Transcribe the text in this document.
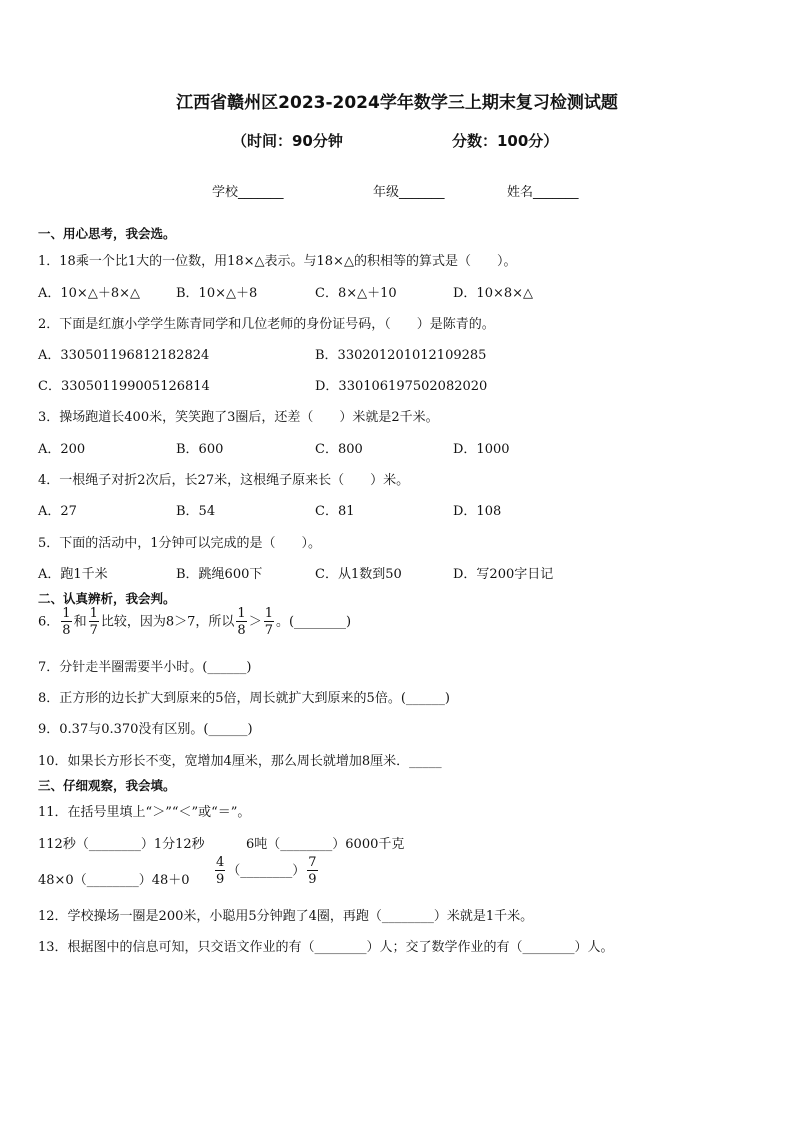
江西省赣州区2023-2024学年数学三上期末复习检测试题
（时间：90分钟	分数：100分）
学校_______	年级_______	姓名_______
一、用心思考，我会选。
1．18乘一个比1大的一位数，用18×△表示。与18×△的积相等的算式是（　　）。
A．10×△＋8×△	B．10×△＋8	C．8×△＋10	D．10×8×△
2．下面是红旗小学学生陈青同学和几位老师的身份证号码，（　　）是陈青的。
A．330501196812182824	B．330201201012109285
C．330501199005126814	D．330106197502082020
3．操场跑道长400米，笑笑跑了3圈后，还差（　　）米就是2千米。
A．200	B．600	C．800	D．1000
4．一根绳子对折2次后，长27米，这根绳子原来长（　　）米。
A．27	B．54	C．81	D．108
5．下面的活动中，1分钟可以完成的是（　　）。
A．跑1千米	B．跳绳600下	C．从1数到50	D．写200字日记
二、认真辨析，我会判。
6． $\frac{1}{8}$ 和 $\frac{1}{7}$ 比较，因为8＞7，所以 $\frac{1}{8} > \frac{1}{7}$ 。(________)
7．分针走半圈需要半小时。(______)
8．正方形的边长扩大到原来的5倍，周长就扩大到原来的5倍。(______)
9．0.37与0.370没有区别。(______)
10．如果长方形长不变，宽增加4厘米，那么周长就增加8厘米．_____
三、仔细观察，我会填。
11．在括号里填上“＞”“＜”或“＝”。
112秒（________）1分12秒	6吨（________）6000千克
48×0（________）48＋0 $\frac{4}{9}$ （________） $\frac{7}{9}$
12．学校操场一圈是200米，小聪用5分钟跑了4圈，再跑（________）米就是1千米。
13．根据图中的信息可知，只交语文作业的有（________）人；交了数学作业的有（________）人。
